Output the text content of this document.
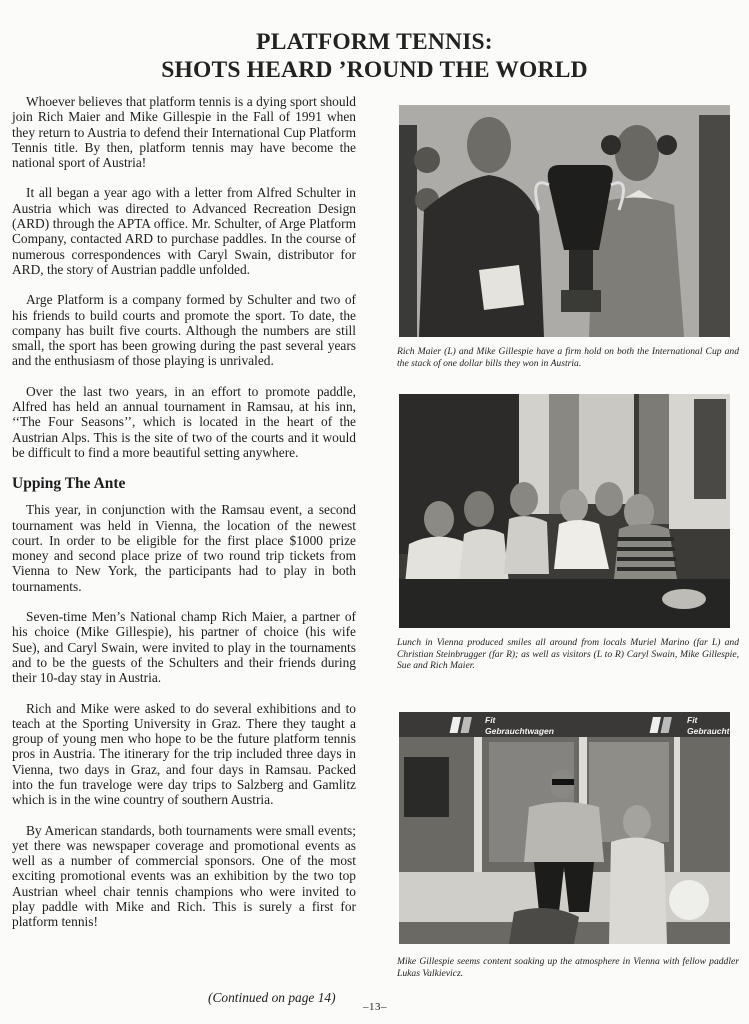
PLATFORM TENNIS:
SHOTS HEARD ’ROUND THE WORLD

Whoever believes that platform tennis is a dying sport should join Rich Maier and Mike Gillespie in the Fall of 1991 when they return to Austria to defend their International Cup Platform Tennis title. By then, platform tennis may have become the national sport of Austria!

It all began a year ago with a letter from Alfred Schulter in Austria which was directed to Advanced Recreation Design (ARD) through the APTA office. Mr. Schulter, of Arge Platform Company, contacted ARD to purchase paddles. In the course of numerous correspondences with Caryl Swain, distributor for ARD, the story of Austrian paddle unfolded.

Arge Platform is a company formed by Schulter and two of his friends to build courts and promote the sport. To date, the company has built five courts. Although the numbers are still small, the sport has been growing during the past several years and the enthusiasm of those playing is unrivaled.

Over the last two years, in an effort to promote paddle, Alfred has held an annual tournament in Ramsau, at his inn, ‘‘The Four Seasons’’, which is located in the heart of the Austrian Alps. This is the site of two of the courts and it would be difficult to find a more beautiful setting anywhere.

Upping The Ante

This year, in conjunction with the Ramsau event, a second tournament was held in Vienna, the location of the newest court. In order to be eligible for the first place $1000 prize money and second place prize of two round trip tickets from Vienna to New York, the participants had to play in both tournaments.

Seven-time Men’s National champ Rich Maier, a partner of his choice (Mike Gillespie), his partner of choice (his wife Sue), and Caryl Swain, were invited to play in the tournaments and to be the guests of the Schulters and their friends during their 10-day stay in Austria.

Rich and Mike were asked to do several exhibitions and to teach at the Sporting University in Graz. There they taught a group of young men who hope to be the future platform tennis pros in Austria. The itinerary for the trip included three days in Vienna, two days in Graz, and four days in Ramsau. Packed into the fun traveloge were day trips to Salzberg and Gamlitz which is in the wine country of southern Austria.

By American standards, both tournaments were small events; yet there was newspaper coverage and promotional events as well as a number of commercial sponsors. One of the most exciting promotional events was an exhibition by the two top Austrian wheel chair tennis champions who were invited to play paddle with Mike and Rich. This is surely a first for platform tennis!

(Continued on page 14)
–13–
Rich Maier (L) and Mike Gillespie have a firm hold on both the International Cup and the stack of one dollar bills they won in Austria.
Lunch in Vienna produced smiles all around from locals Muriel Marino (far L) and Christian Steinbrugger (far R); as well as visitors (L to R) Caryl Swain, Mike Gillespie, Sue and Rich Maier.
Fit
Gebrauchtwagen
Fit
Gebrauchtw
Mike Gillespie seems content soaking up the atmosphere in Vienna with fellow paddler Lukas Valkievicz.
